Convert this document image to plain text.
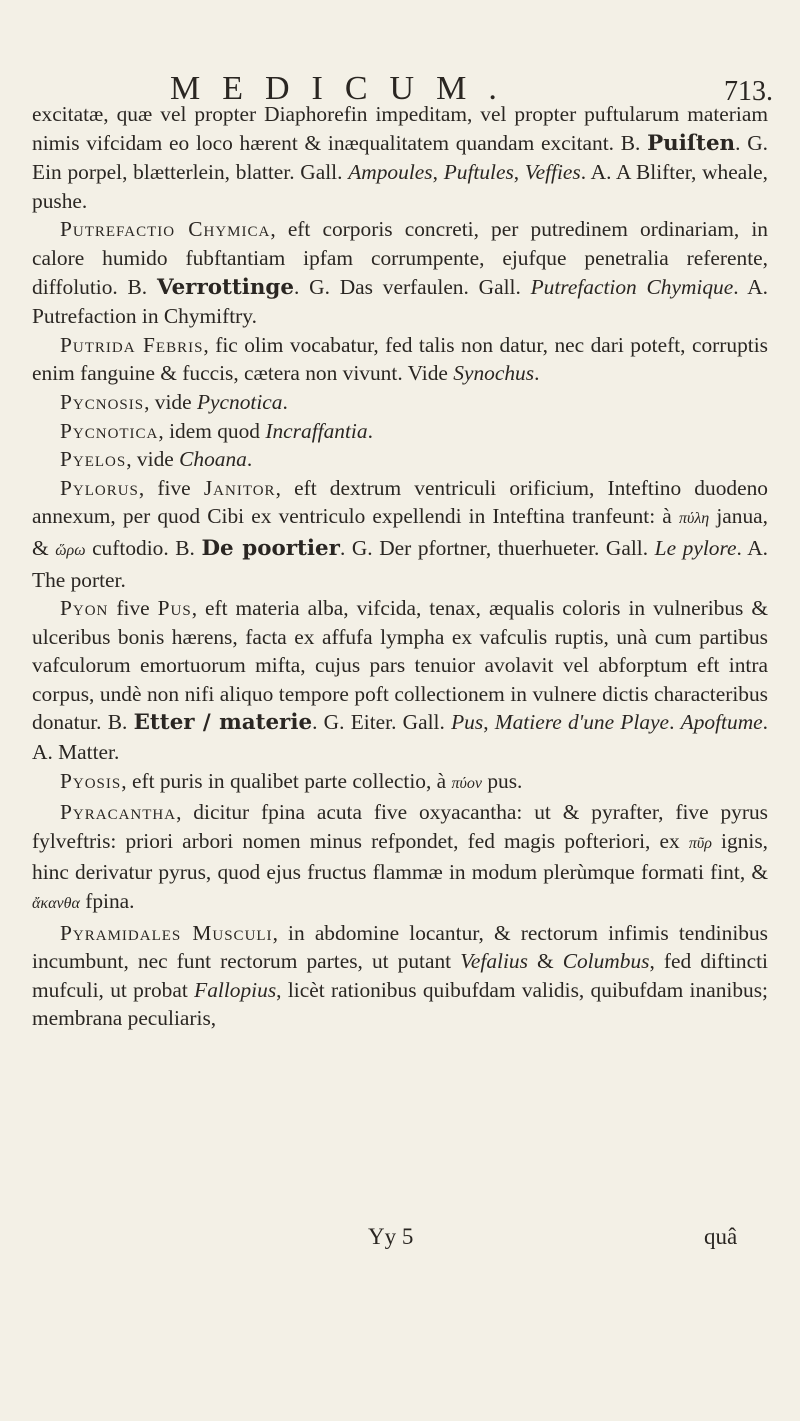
MEDICUM.	713.

excitatæ, quæ vel propter Diaphorefin impeditam, vel propter puftularum materiam nimis vifcidam eo loco hærent & inæqualitatem quandam excitant. B. Puiſten. G. Ein porpel, blætterlein, blatter. Gall. Ampoules, Puftules, Veffies. A. A Blifter, wheale, pushe.

Putrefactio Chymica, eft corporis concreti, per putredinem ordinariam, in calore humido fubftantiam ipfam corrumpente, ejufque penetralia referente, diffolutio. B. Verrottinge. G. Das verfaulen. Gall. Putrefaction Chymique. A. Putrefaction in Chymiftry.

Putrida Febris, fic olim vocabatur, fed talis non datur, nec dari poteft, corruptis enim fanguine & fuccis, cætera non vivunt. Vide Synochus.

Pycnosis, vide Pycnotica.

Pycnotica, idem quod Incraffantia.

Pyelos, vide Choana.

Pylorus, five Janitor, eft dextrum ventriculi orificium, Inteftino duodeno annexum, per quod Cibi ex ventriculo expellendi in Inteftina tranfeunt: à πύλη janua, & ὥρω cuftodio. B. De poortier. G. Der pfortner, thuerhueter. Gall. Le pylore. A. The porter.

Pyon five Pus, eft materia alba, vifcida, tenax, æqualis coloris in vulneribus & ulceribus bonis hærens, facta ex affufa lympha ex vafculis ruptis, unà cum partibus vafculorum emortuorum mifta, cujus pars tenuior avolavit vel abforptum eft intra corpus, undè non nifi aliquo tempore poft collectionem in vulnere dictis characteribus donatur. B. Etter / materie. G. Eiter. Gall. Pus, Matiere d'une Playe. Apoftume. A. Matter.

Pyosis, eft puris in qualibet parte collectio, à πύον pus.

Pyracantha, dicitur fpina acuta five oxyacantha: ut & pyrafter, five pyrus fylveftris: priori arbori nomen minus refpondet, fed magis pofteriori, ex πῦρ ignis, hinc derivatur pyrus, quod ejus fructus flammæ in modum plerùmque formati fint, & ἄκανθα fpina.

Pyramidales Musculi, in abdomine locantur, & rectorum infimis tendinibus incumbunt, nec funt rectorum partes, ut putant Vefalius & Columbus, fed diftincti mufculi, ut probat Fallopius, licèt rationibus quibufdam validis, quibufdam inanibus; membrana peculiaris,

Yy 5	quâ
